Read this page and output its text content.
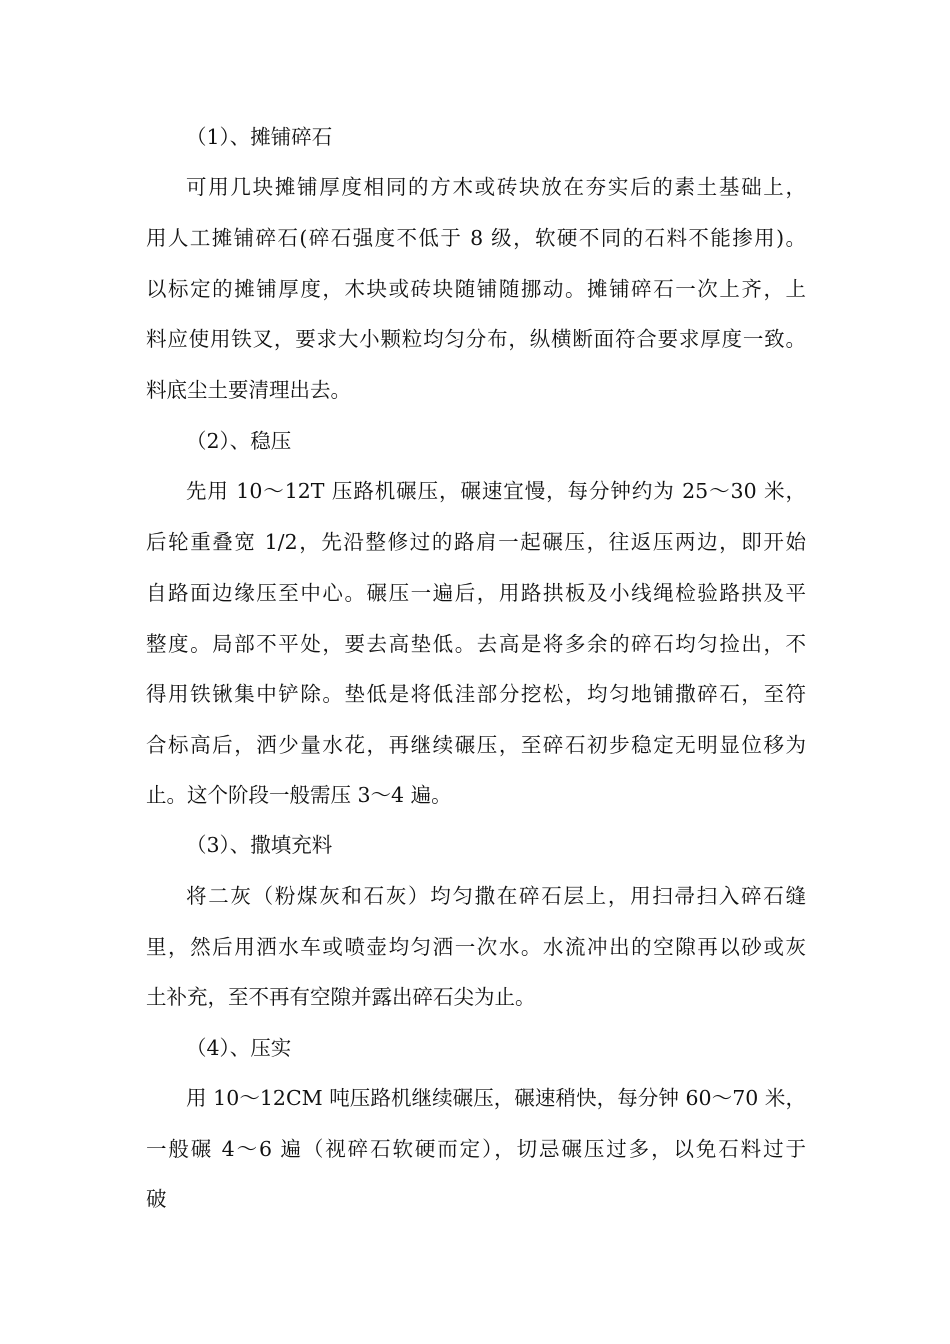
（1）、摊铺碎石
可用几块摊铺厚度相同的方木或砖块放在夯实后的素土基础上，
用人工摊铺碎石(碎石强度不低于 8 级，软硬不同的石料不能掺用)。
以标定的摊铺厚度，木块或砖块随铺随挪动。摊铺碎石一次上齐，上
料应使用铁叉，要求大小颗粒均匀分布，纵横断面符合要求厚度一致。
料底尘土要清理出去。
（2）、稳压
先用 10～12T 压路机碾压，碾速宜慢，每分钟约为 25～30 米，
后轮重叠宽 1/2，先沿整修过的路肩一起碾压，往返压两边，即开始
自路面边缘压至中心。碾压一遍后，用路拱板及小线绳检验路拱及平
整度。局部不平处，要去高垫低。去高是将多余的碎石均匀捡出，不
得用铁锹集中铲除。垫低是将低洼部分挖松，均匀地铺撒碎石，至符
合标高后，洒少量水花，再继续碾压，至碎石初步稳定无明显位移为
止。这个阶段一般需压 3～4 遍。
（3）、撒填充料
将二灰（粉煤灰和石灰）均匀撒在碎石层上，用扫帚扫入碎石缝
里，然后用洒水车或喷壶均匀洒一次水。水流冲出的空隙再以砂或灰
土补充，至不再有空隙并露出碎石尖为止。
（4）、压实
用 10～12CM 吨压路机继续碾压，碾速稍快，每分钟 60～70 米，
一般碾 4～6 遍（视碎石软硬而定），切忌碾压过多，以免石料过于
破
